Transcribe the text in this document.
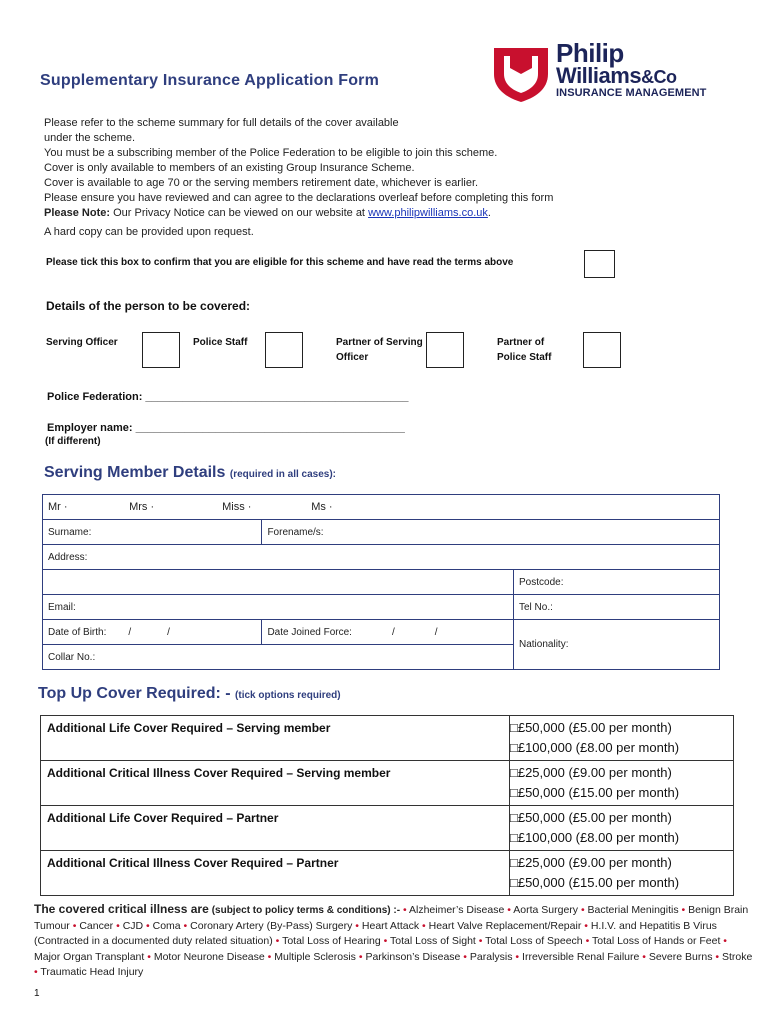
Supplementary Insurance Application Form
Philip
Williams&Co
INSURANCE MANAGEMENT
Please refer to the scheme summary for full details of the cover available
under the scheme.
You must be a subscribing member of the Police Federation to be eligible to join this scheme.
Cover is only available to members of an existing Group Insurance Scheme.
Cover is available to age 70 or the serving members retirement date, whichever is earlier.
Please ensure you have reviewed and can agree to the declarations overleaf before completing this form
Please Note: Our Privacy Notice can be viewed on our website at www.philipwilliams.co.uk.
A hard copy can be provided upon request.
Please tick this box to confirm that you are eligible for this scheme and have read the terms above
Details of the person to be covered:
Serving Officer	Police Staff	Partner of Serving Officer
Partner of Police Staff
Police Federation: ___________________________________________
Employer name: ____________________________________________
(If different)
Serving Member Details (required in all cases):
Mr · Mrs · Miss · Ms ·		
Surname:	Forename/s:	
Address:		
		Postcode:
Email:		Tel No.:
Date of Birth: / /	Date Joined Force: / /	Nationality:
Collar No.:		
Top Up Cover Required: - (tick options required)
Additional Life Cover Required – Serving member	□£50,000 (£5.00 per month)
□£100,000 (£8.00 per month)

Additional Critical Illness Cover Required – Serving member	□£25,000 (£9.00 per month)
□£50,000 (£15.00 per month)

Additional Life Cover Required – Partner	□£50,000 (£5.00 per month)
□£100,000 (£8.00 per month)

Additional Critical Illness Cover Required – Partner	□£25,000 (£9.00 per month)
□£50,000 (£15.00 per month)
The covered critical illness are (subject to policy terms & conditions) :- • Alzheimer’s Disease • Aorta Surgery • Bacterial Meningitis • Benign Brain Tumour • Cancer • CJD • Coma • Coronary Artery (By-Pass) Surgery • Heart Attack • Heart Valve Replacement/Repair • H.I.V. and Hepatitis B Virus (Contracted in a documented duty related situation) • Total Loss of Hearing • Total Loss of Sight • Total Loss of Speech • Total Loss of Hands or Feet • Major Organ Transplant • Motor Neurone Disease • Multiple Sclerosis • Parkinson’s Disease • Paralysis • Irreversible Renal Failure • Severe Burns • Stroke • Traumatic Head Injury
1
